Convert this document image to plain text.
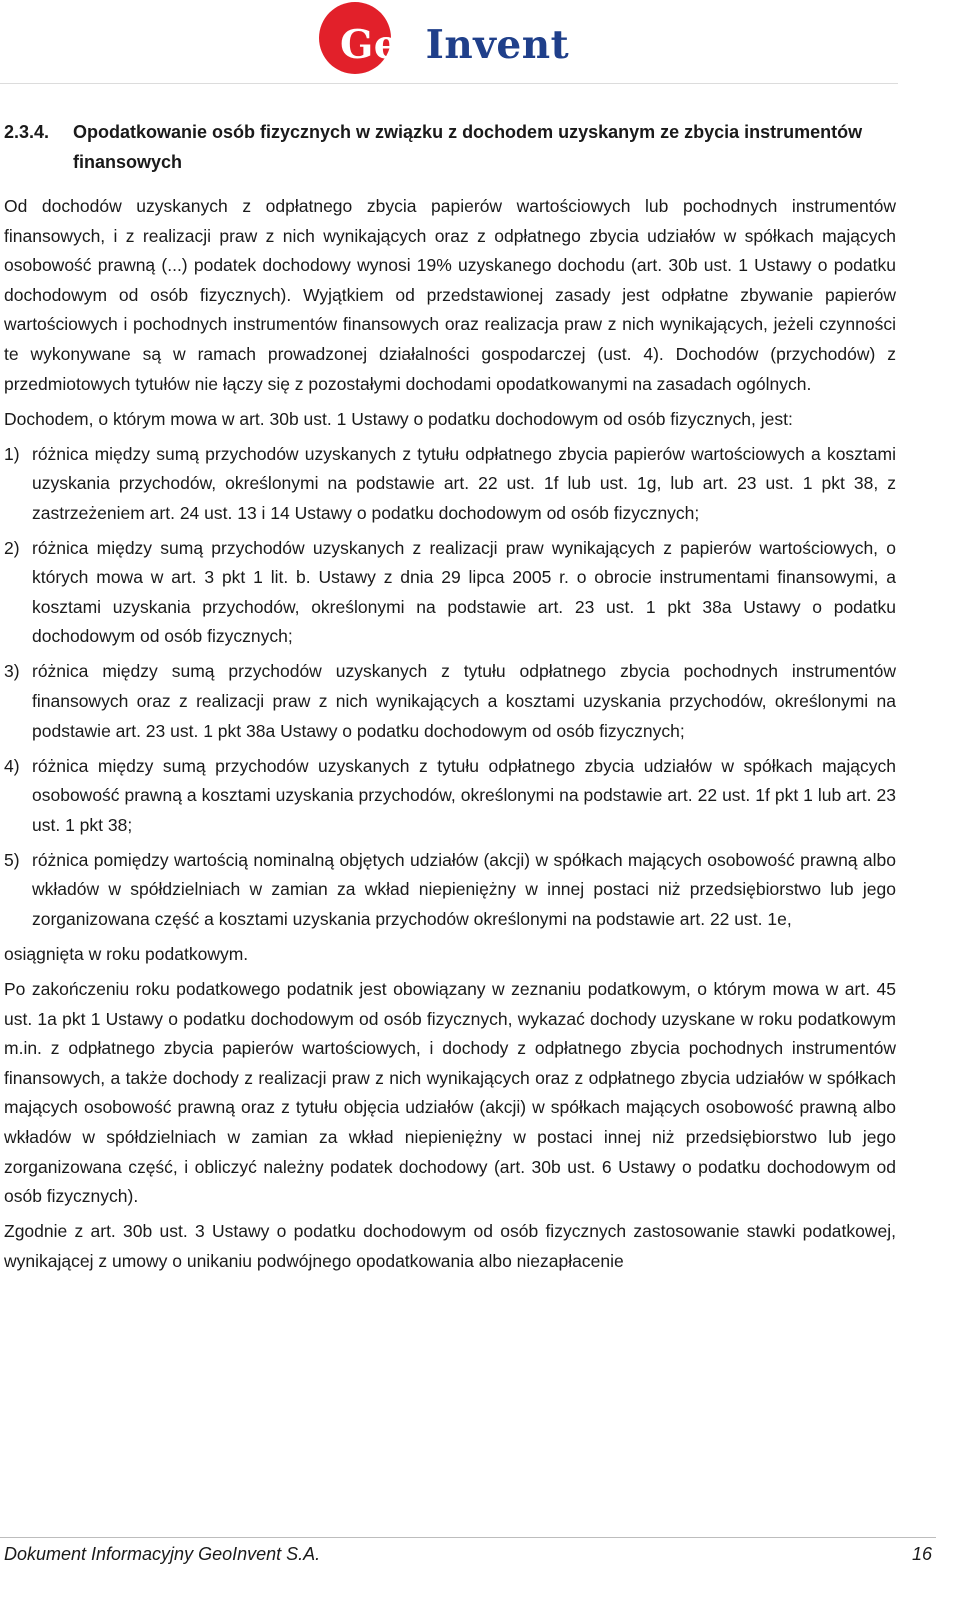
GeoInvent
2.3.4. Opodatkowanie osób fizycznych w związku z dochodem uzyskanym ze zbycia instrumentów finansowych

Od dochodów uzyskanych z odpłatnego zbycia papierów wartościowych lub pochodnych instrumentów finansowych, i z realizacji praw z nich wynikających oraz z odpłatnego zbycia udziałów w spółkach mających osobowość prawną (...) podatek dochodowy wynosi 19% uzyskanego dochodu (art. 30b ust. 1 Ustawy o podatku dochodowym od osób fizycznych). Wyjątkiem od przedstawionej zasady jest odpłatne zbywanie papierów wartościowych i pochodnych instrumentów finansowych oraz realizacja praw z nich wynikających, jeżeli czynności te wykonywane są w ramach prowadzonej działalności gospodarczej (ust. 4). Dochodów (przychodów) z przedmiotowych tytułów nie łączy się z pozostałymi dochodami opodatkowanymi na zasadach ogólnych.

Dochodem, o którym mowa w art. 30b ust. 1 Ustawy o podatku dochodowym od osób fizycznych, jest:

1) różnica między sumą przychodów uzyskanych z tytułu odpłatnego zbycia papierów wartościowych a kosztami uzyskania przychodów, określonymi na podstawie art. 22 ust. 1f lub ust. 1g, lub art. 23 ust. 1 pkt 38, z zastrzeżeniem art. 24 ust. 13 i 14 Ustawy o podatku dochodowym od osób fizycznych;
2) różnica między sumą przychodów uzyskanych z realizacji praw wynikających z papierów wartościowych, o których mowa w art. 3 pkt 1 lit. b. Ustawy z dnia 29 lipca 2005 r. o obrocie instrumentami finansowymi, a kosztami uzyskania przychodów, określonymi na podstawie art. 23 ust. 1 pkt 38a Ustawy o podatku dochodowym od osób fizycznych;
3) różnica między sumą przychodów uzyskanych z tytułu odpłatnego zbycia pochodnych instrumentów finansowych oraz z realizacji praw z nich wynikających a kosztami uzyskania przychodów, określonymi na podstawie art. 23 ust. 1 pkt 38a Ustawy o podatku dochodowym od osób fizycznych;
4) różnica między sumą przychodów uzyskanych z tytułu odpłatnego zbycia udziałów w spółkach mających osobowość prawną a kosztami uzyskania przychodów, określonymi na podstawie art. 22 ust. 1f pkt 1 lub art. 23 ust. 1 pkt 38;
5) różnica pomiędzy wartością nominalną objętych udziałów (akcji) w spółkach mających osobowość prawną albo wkładów w spółdzielniach w zamian za wkład niepieniężny w innej postaci niż przedsiębiorstwo lub jego zorganizowana część a kosztami uzyskania przychodów określonymi na podstawie art. 22 ust. 1e,

osiągnięta w roku podatkowym.

Po zakończeniu roku podatkowego podatnik jest obowiązany w zeznaniu podatkowym, o którym mowa w art. 45 ust. 1a pkt 1 Ustawy o podatku dochodowym od osób fizycznych, wykazać dochody uzyskane w roku podatkowym m.in. z odpłatnego zbycia papierów wartościowych, i dochody z odpłatnego zbycia pochodnych instrumentów finansowych, a także dochody z realizacji praw z nich wynikających oraz z odpłatnego zbycia udziałów w spółkach mających osobowość prawną oraz z tytułu objęcia udziałów (akcji) w spółkach mających osobowość prawną albo wkładów w spółdzielniach w zamian za wkład niepieniężny w postaci innej niż przedsiębiorstwo lub jego zorganizowana część, i obliczyć należny podatek dochodowy (art. 30b ust. 6 Ustawy o podatku dochodowym od osób fizycznych).

Zgodnie z art. 30b ust. 3 Ustawy o podatku dochodowym od osób fizycznych zastosowanie stawki podatkowej, wynikającej z umowy o unikaniu podwójnego opodatkowania albo niezapłacenie

Dokument Informacyjny GeoInvent S.A.	16
